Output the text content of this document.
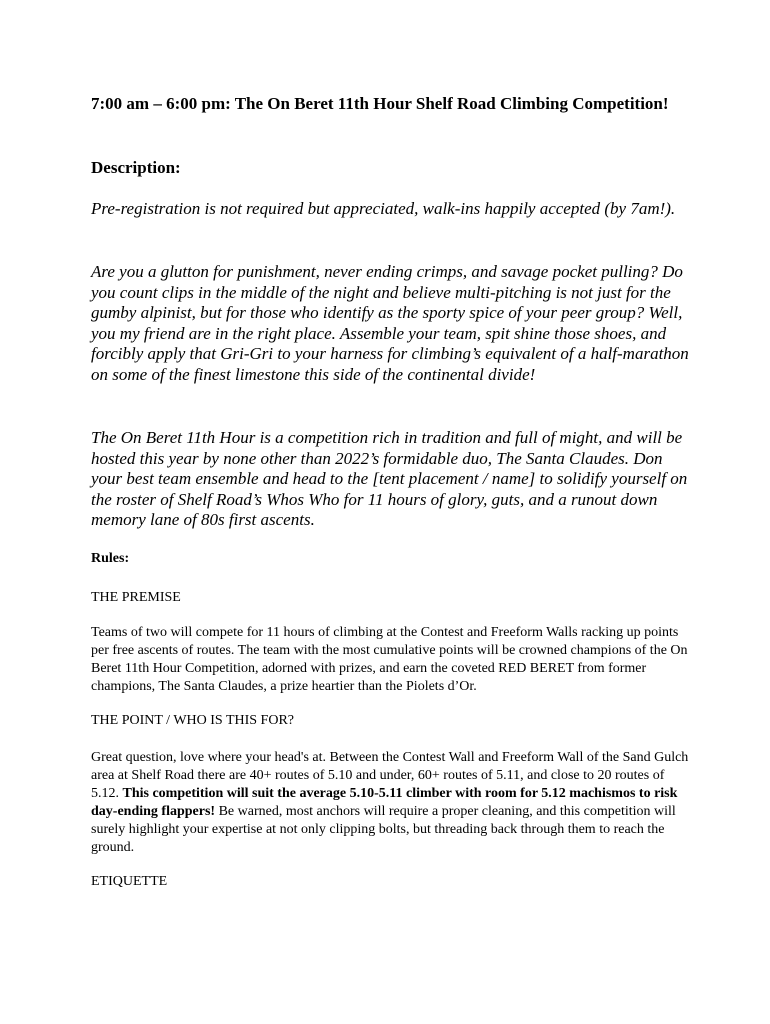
7:00 am – 6:00 pm: The On Beret 11th Hour Shelf Road Climbing Competition!

Description:

Pre-registration is not required but appreciated, walk-ins happily accepted (by 7am!).

Are you a glutton for punishment, never ending crimps, and savage pocket pulling? Do you count clips in the middle of the night and believe multi-pitching is not just for the gumby alpinist, but for those who identify as the sporty spice of your peer group? Well, you my friend are in the right place. Assemble your team, spit shine those shoes, and forcibly apply that Gri-Gri to your harness for climbing’s equivalent of a half-marathon on some of the finest limestone this side of the continental divide!

The On Beret 11th Hour is a competition rich in tradition and full of might, and will be hosted this year by none other than 2022’s formidable duo, The Santa Claudes. Don your best team ensemble and head to the [tent placement / name] to solidify yourself on the roster of Shelf Road’s Whos Who for 11 hours of glory, guts, and a runout down memory lane of 80s first ascents.

Rules:

THE PREMISE

Teams of two will compete for 11 hours of climbing at the Contest and Freeform Walls racking up points per free ascents of routes. The team with the most cumulative points will be crowned champions of the On Beret 11th Hour Competition, adorned with prizes, and earn the coveted RED BERET from former champions, The Santa Claudes, a prize heartier than the Piolets d’Or.

THE POINT / WHO IS THIS FOR?

Great question, love where your head's at. Between the Contest Wall and Freeform Wall of the Sand Gulch area at Shelf Road there are 40+ routes of 5.10 and under, 60+ routes of 5.11, and close to 20 routes of 5.12. This competition will suit the average 5.10-5.11 climber with room for 5.12 machismos to risk day-ending flappers! Be warned, most anchors will require a proper cleaning, and this competition will surely highlight your expertise at not only clipping bolts, but threading back through them to reach the ground.

ETIQUETTE
